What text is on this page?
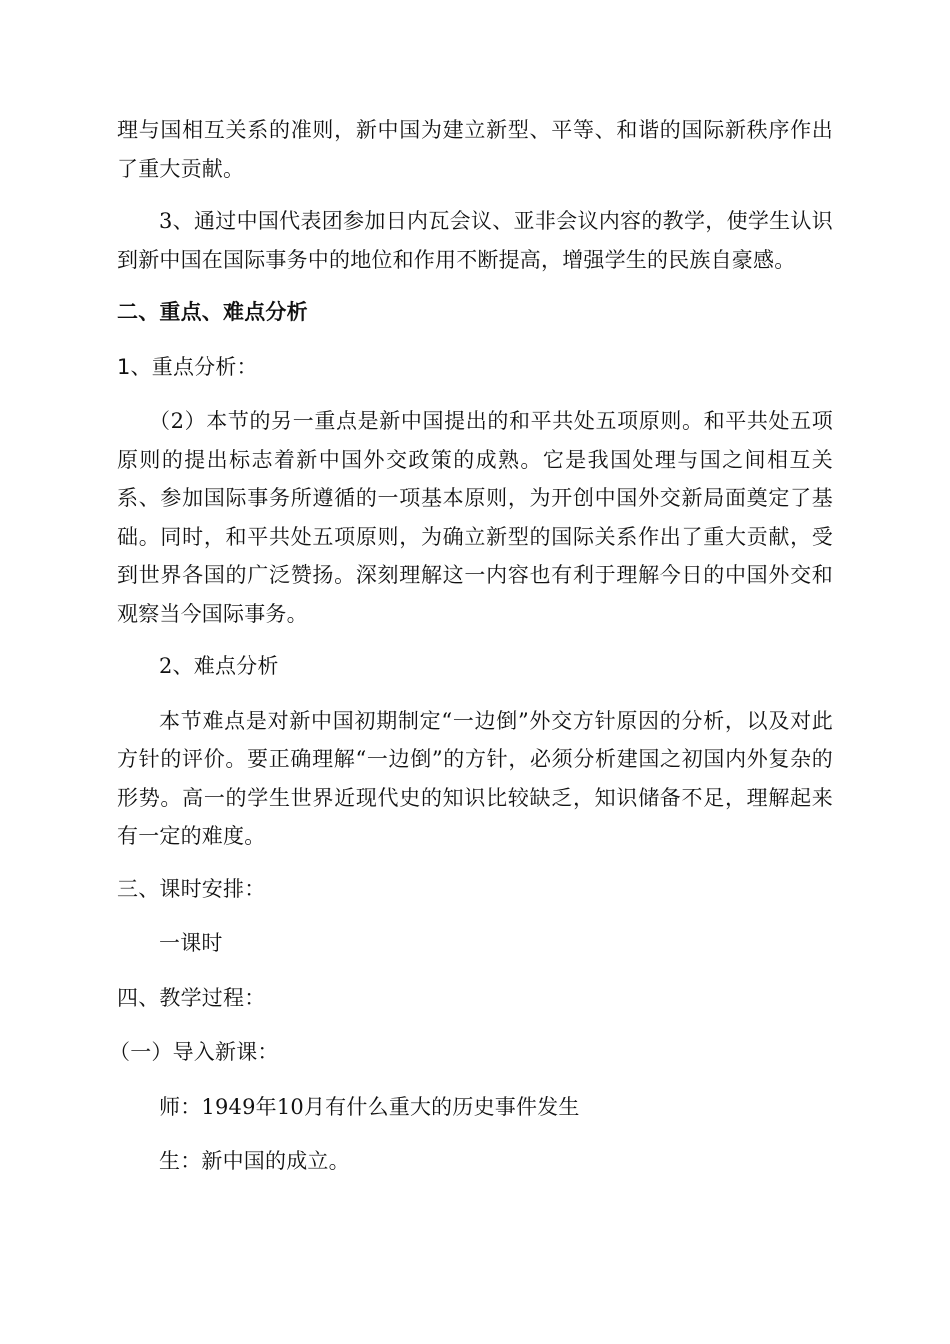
理与国相互关系的准则，新中国为建立新型、平等、和谐的国际新秩序作出了重大贡献。

3、通过中国代表团参加日内瓦会议、亚非会议内容的教学，使学生认识到新中国在国际事务中的地位和作用不断提高，增强学生的民族自豪感。

二、重点、难点分析

1、重点分析：

（2）本节的另一重点是新中国提出的和平共处五项原则。和平共处五项原则的提出标志着新中国外交政策的成熟。它是我国处理与国之间相互关系、参加国际事务所遵循的一项基本原则，为开创中国外交新局面奠定了基础。同时，和平共处五项原则，为确立新型的国际关系作出了重大贡献，受到世界各国的广泛赞扬。深刻理解这一内容也有利于理解今日的中国外交和观察当今国际事务。

2、难点分析

本节难点是对新中国初期制定“一边倒”外交方针原因的分析，以及对此方针的评价。要正确理解“一边倒”的方针，必须分析建国之初国内外复杂的形势。高一的学生世界近现代史的知识比较缺乏，知识储备不足，理解起来有一定的难度。

三、课时安排：

一课时

四、教学过程：

（一）导入新课：

师：1949年10月有什么重大的历史事件发生

生：新中国的成立。
